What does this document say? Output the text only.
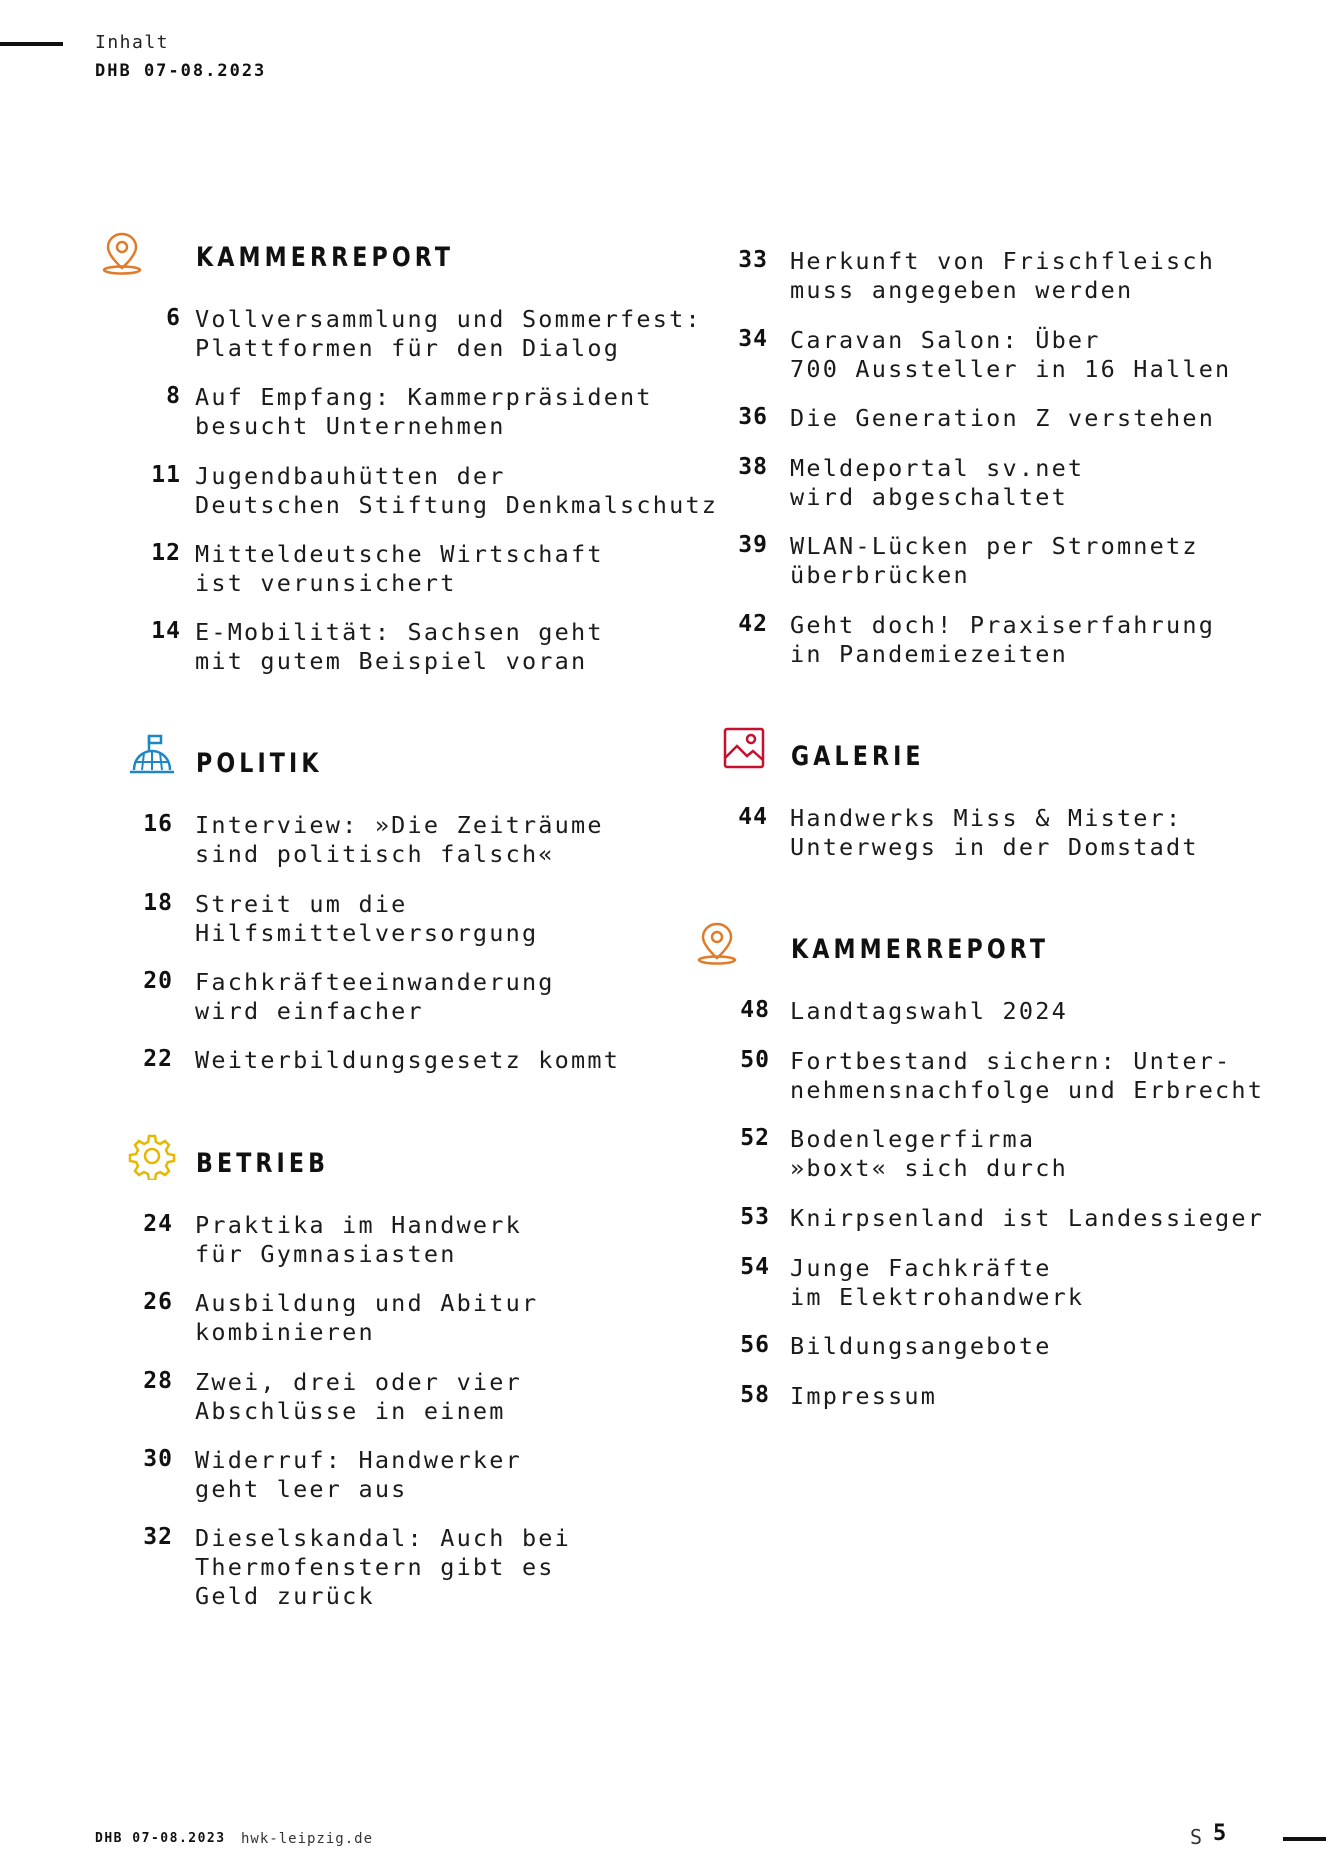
Inhalt
DHB 07-08.2023
KAMMERREPORT
6 Vollversammlung und Sommerfest:
Plattformen für den Dialog
8 Auf Empfang: Kammerpräsident
besucht Unternehmen
11 Jugendbauhütten der
Deutschen Stiftung Denkmalschutz
12 Mitteldeutsche Wirtschaft
ist verunsichert
14 E-Mobilität: Sachsen geht
mit gutem Beispiel voran
POLITIK
16 Interview: »Die Zeiträume
sind politisch falsch«
18 Streit um die
Hilfsmittelversorgung
20 Fachkräfteeinwanderung
wird einfacher
22 Weiterbildungsgesetz kommt
BETRIEB
24 Praktika im Handwerk
für Gymnasiasten
26 Ausbildung und Abitur
kombinieren
28 Zwei, drei oder vier
Abschlüsse in einem
30 Widerruf: Handwerker
geht leer aus
32 Dieselskandal: Auch bei
Thermofenstern gibt es
Geld zurück
33 Herkunft von Frischfleisch
muss angegeben werden
34 Caravan Salon: Über
700 Aussteller in 16 Hallen
36 Die Generation Z verstehen
38 Meldeportal sv.net
wird abgeschaltet
39 WLAN-Lücken per Stromnetz
überbrücken
42 Geht doch! Praxiserfahrung
in Pandemiezeiten
GALERIE
44 Handwerks Miss & Mister:
Unterwegs in der Domstadt
KAMMERREPORT
48 Landtagswahl 2024
50 Fortbestand sichern: Unter-
nehmensnachfolge und Erbrecht
52 Bodenlegerfirma
»boxt« sich durch
53 Knirpsenland ist Landessieger
54 Junge Fachkräfte
im Elektrohandwerk
56 Bildungsangebote
58 Impressum
DHB 07-08.2023 hwk-leipzig.de	S 5
